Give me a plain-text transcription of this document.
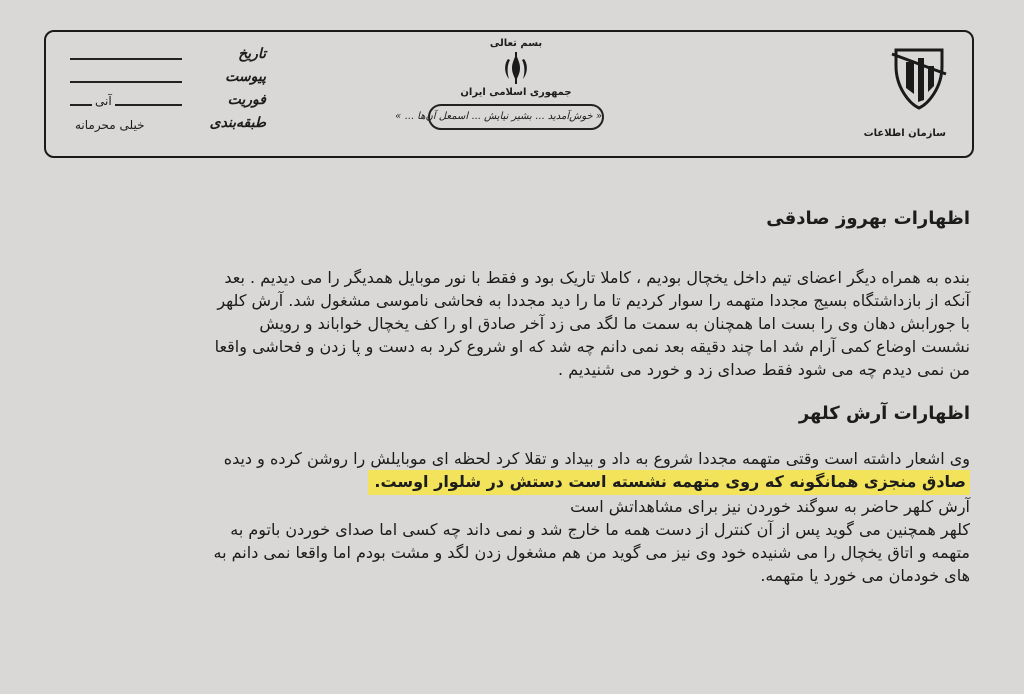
تاریخ
پیوست
آنی	فوریت
خیلی محرمانه	طبقه‌بندی
بسم تعالی
جمهوری اسلامی ایران
« خوش‌آمدید ... بشیر نیایش ... اسمعل آن‌ها ... »
سازمان اطلاعات
اظهارات بهروز صادقی

بنده به همراه دیگر اعضای تیم داخل یخچال بودیم ، کاملا تاریک بود و فقط با نور موبایل همدیگر را می دیدیم . بعد

آنکه از بازداشتگاه بسیج مجددا متهمه را سوار کردیم تا ما را دید مجددا به فحاشی ناموسی مشغول شد. آرش کلهر

با جورابش دهان وی را بست اما همچنان به سمت ما لگد می زد آخر صادق او را کف یخچال خواباند و رویش

نشست اوضاع کمی آرام شد اما چند دقیقه بعد نمی دانم چه شد که او شروع کرد به دست و پا زدن و فحاشی واقعا

من نمی دیدم چه می شود فقط صدای زد و خورد می شنیدیم .

اظهارات آرش کلهر

وی اشعار داشته است وقتی متهمه مجددا شروع به داد و بیداد و تقلا کرد لحظه ای موبایلش را روشن کرده و دیده

صادق منجزی همانگونه که روی متهمه نشسته است دستش در شلوار اوست.

آرش کلهر حاضر به سوگند خوردن نیز برای مشاهداتش است

کلهر همچنین می گوید پس از آن کنترل از دست همه ما خارج شد و نمی داند چه کسی اما صدای خوردن باتوم به

متهمه و اتاق یخچال را می شنیده خود وی نیز می گوید من هم مشغول زدن لگد و مشت بودم اما واقعا نمی دانم به

های خودمان می خورد یا متهمه.
